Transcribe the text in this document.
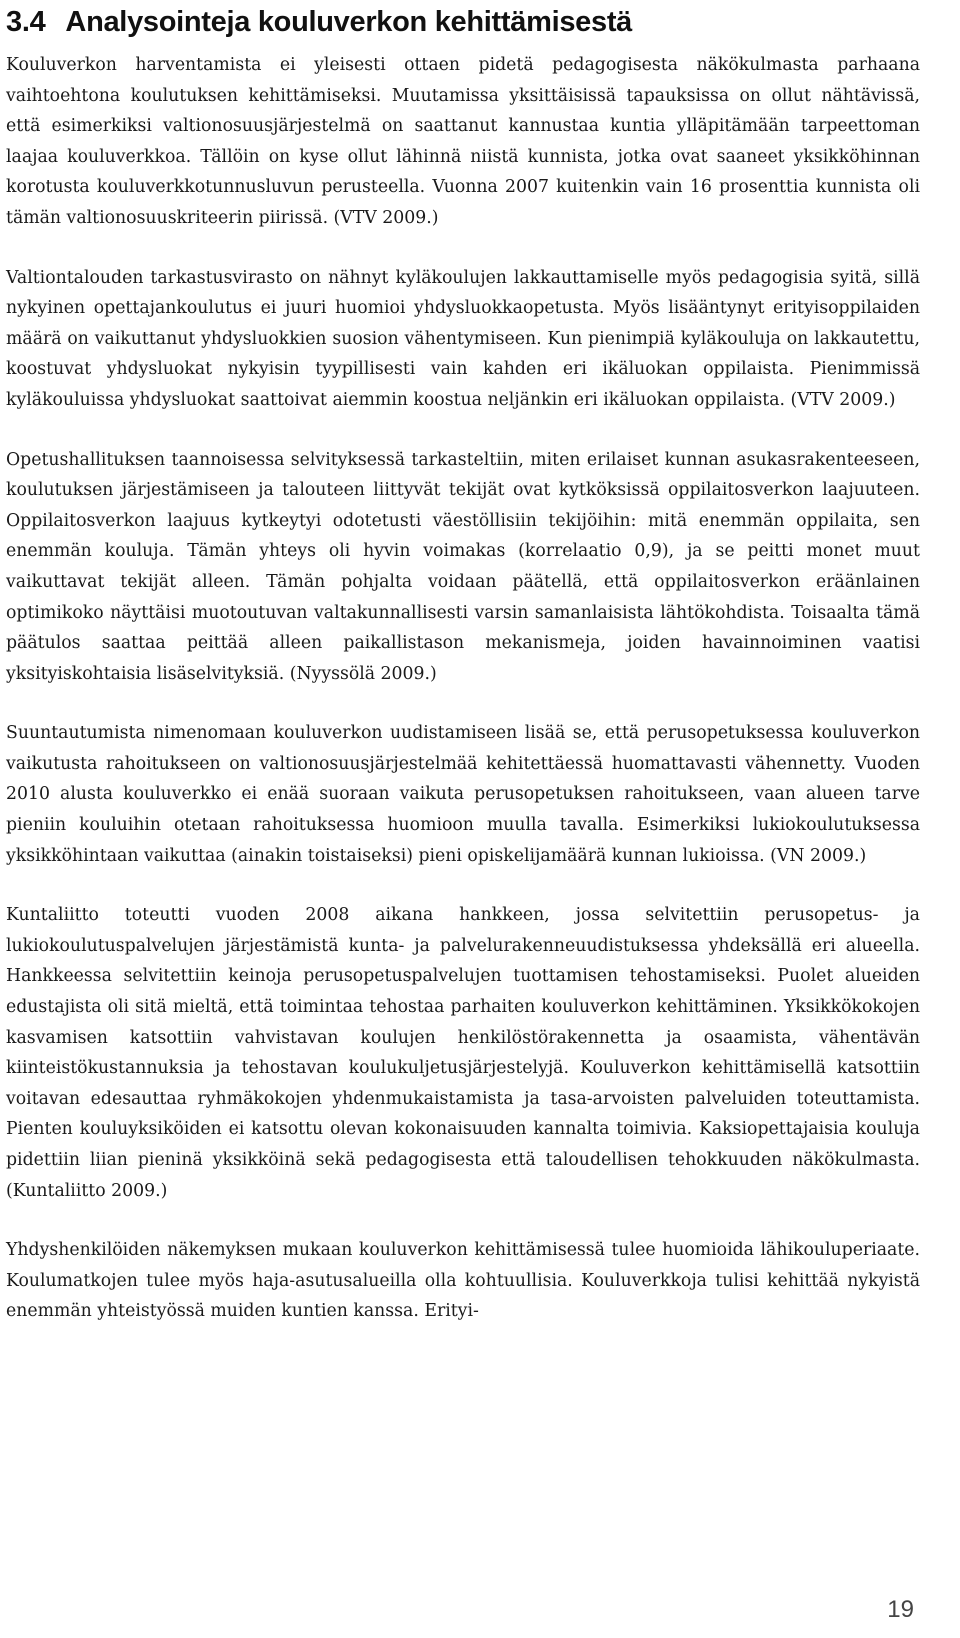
3.4 Analysointeja kouluverkon kehittämisestä

Kouluverkon harventamista ei yleisesti ottaen pidetä pedagogisesta näkökulmasta parhaana vaihtoehtona koulutuksen kehittämiseksi. Muutamissa yksittäisissä tapauksissa on ollut nähtävissä, että esimerkiksi valtionosuusjärjestelmä on saattanut kannustaa kuntia ylläpitämään tarpeettoman laajaa kouluverkkoa. Tällöin on kyse ollut lähinnä niistä kunnista, jotka ovat saaneet yksikköhinnan korotusta kouluverkkotunnusluvun perusteella. Vuonna 2007 kuitenkin vain 16 prosenttia kunnista oli tämän valtionosuuskriteerin piirissä. (VTV 2009.)

Valtiontalouden tarkastusvirasto on nähnyt kyläkoulujen lakkauttamiselle myös pedagogisia syitä, sillä nykyinen opettajankoulutus ei juuri huomioi yhdysluokkaopetusta. Myös lisääntynyt erityisoppilaiden määrä on vaikuttanut yhdysluokkien suosion vähentymiseen. Kun pienimpiä kyläkouluja on lakkautettu, koostuvat yhdysluokat nykyisin tyypillisesti vain kahden eri ikäluokan oppilaista. Pienimmissä kyläkouluissa yhdysluokat saattoivat aiemmin koostua neljänkin eri ikäluokan oppilaista. (VTV 2009.)

Opetushallituksen taannoisessa selvityksessä tarkasteltiin, miten erilaiset kunnan asukasrakenteeseen, koulutuksen järjestämiseen ja talouteen liittyvät tekijät ovat kytköksissä oppilaitosverkon laajuuteen. Oppilaitosverkon laajuus kytkeytyi odotetusti väestöllisiin tekijöihin: mitä enemmän oppilaita, sen enemmän kouluja. Tämän yhteys oli hyvin voimakas (korrelaatio 0,9), ja se peitti monet muut vaikuttavat tekijät alleen. Tämän pohjalta voidaan päätellä, että oppilaitosverkon eräänlainen optimikoko näyttäisi muotoutuvan valtakunnallisesti varsin samanlaisista lähtökohdista. Toisaalta tämä päätulos saattaa peittää alleen paikallistason mekanismeja, joiden havainnoiminen vaatisi yksityiskohtaisia lisäselvityksiä. (Nyyssölä 2009.)

Suuntautumista nimenomaan kouluverkon uudistamiseen lisää se, että perusopetuksessa kouluverkon vaikutusta rahoitukseen on valtionosuusjärjestelmää kehitettäessä huomattavasti vähennetty. Vuoden 2010 alusta kouluverkko ei enää suoraan vaikuta perusopetuksen rahoitukseen, vaan alueen tarve pieniin kouluihin otetaan rahoituksessa huomioon muulla tavalla. Esimerkiksi lukiokoulutuksessa yksikköhintaan vaikuttaa (ainakin toistaiseksi) pieni opiskelijamäärä kunnan lukioissa. (VN 2009.)

Kuntaliitto toteutti vuoden 2008 aikana hankkeen, jossa selvitettiin perusopetus- ja lukiokoulutuspalvelujen järjestämistä kunta- ja palvelurakenneuudistuksessa yhdeksällä eri alueella. Hankkeessa selvitettiin keinoja perusopetuspalvelujen tuottamisen tehostamiseksi. Puolet alueiden edustajista oli sitä mieltä, että toimintaa tehostaa parhaiten kouluverkon kehittäminen. Yksikkökokojen kasvamisen katsottiin vahvistavan koulujen henkilöstörakennetta ja osaamista, vähentävän kiinteistökustannuksia ja tehostavan koulukuljetusjärjestelyjä. Kouluverkon kehittämisellä katsottiin voitavan edesauttaa ryhmäkokojen yhdenmukaistamista ja tasa-arvoisten palveluiden toteuttamista. Pienten kouluyksiköiden ei katsottu olevan kokonaisuuden kannalta toimivia. Kaksiopettajaisia kouluja pidettiin liian pieninä yksikköinä sekä pedagogisesta että taloudellisen tehokkuuden näkökulmasta. (Kuntaliitto 2009.)

Yhdyshenkilöiden näkemyksen mukaan kouluverkon kehittämisessä tulee huomioida lähikouluperiaate. Koulumatkojen tulee myös haja-asutusalueilla olla kohtuullisia. Kouluverkkoja tulisi kehittää nykyistä enemmän yhteistyössä muiden kuntien kanssa. Erityi-

19
